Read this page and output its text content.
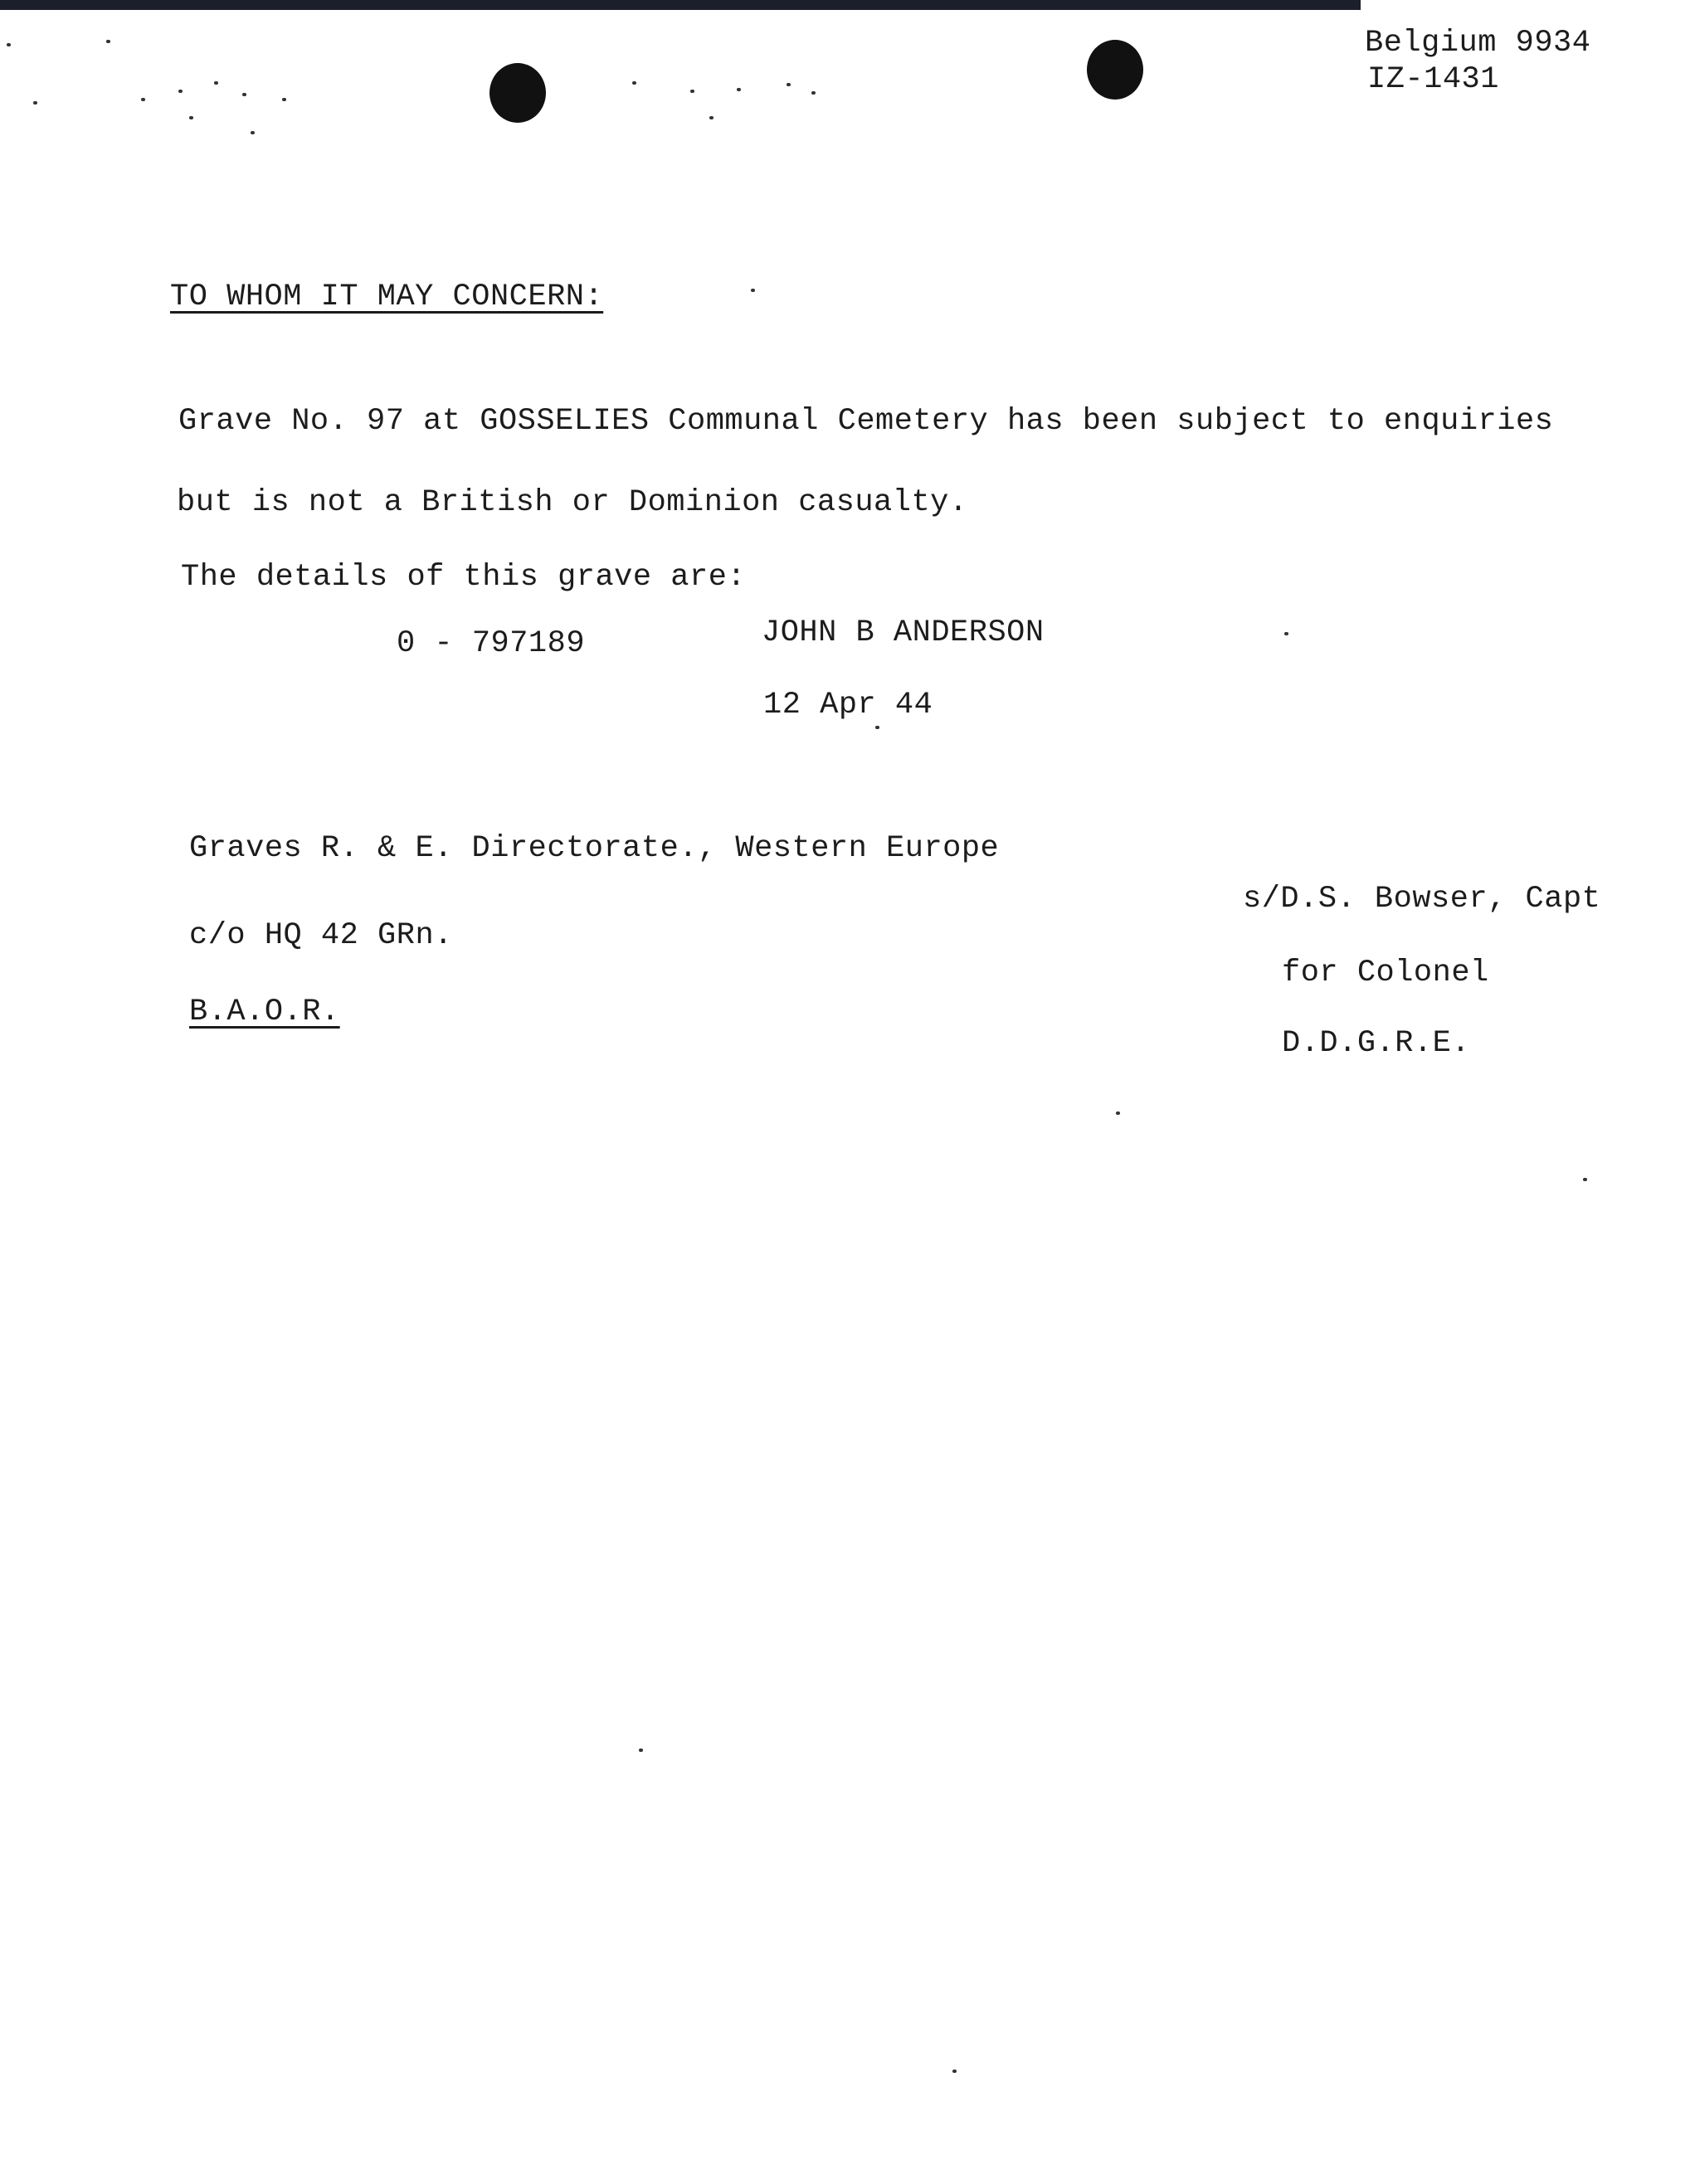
Belgium 9934
IZ-1431
TO WHOM IT MAY CONCERN:
Grave No. 97 at GOSSELIES Communal Cemetery has been subject to enquiries
but is not a British or Dominion casualty.
The details of this grave are:
0 - 797189	JOHN B ANDERSON
12 Apr 44
Graves R. & E. Directorate., Western Europe
c/o HQ 42 GRn.
B.A.O.R.
s/D.S. Bowser, Capt
for Colonel
D.D.G.R.E.
